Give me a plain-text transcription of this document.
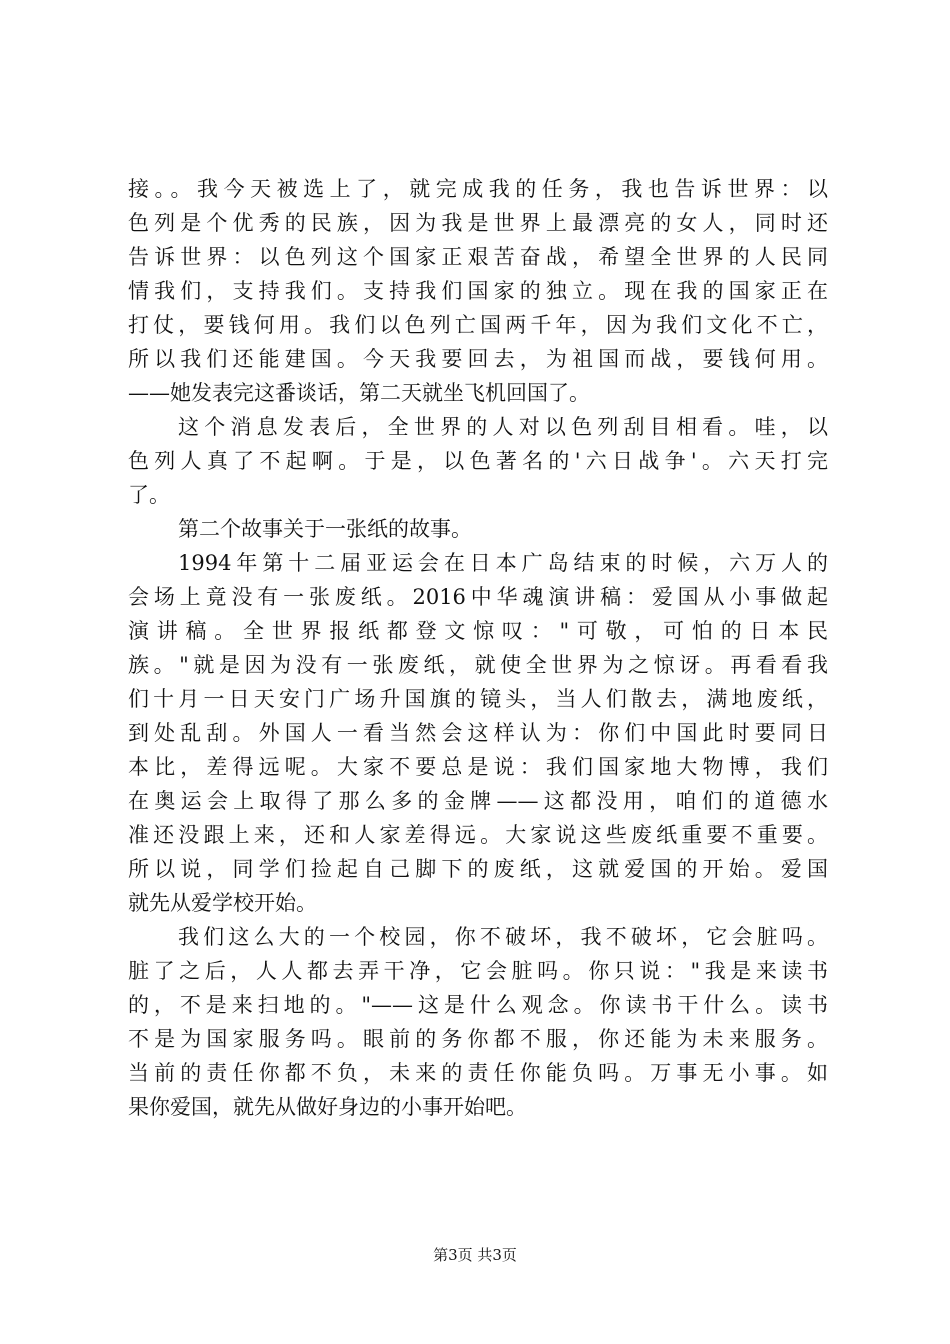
接。。我今天被选上了，就完成我的任务，我也告诉世界：以
色列是个优秀的民族，因为我是世界上最漂亮的女人，同时还
告诉世界：以色列这个国家正艰苦奋战，希望全世界的人民同
情我们，支持我们。支持我们国家的独立。现在我的国家正在
打仗，要钱何用。我们以色列亡国两千年，因为我们文化不亡，
所以我们还能建国。今天我要回去，为祖国而战，要钱何用。
——她发表完这番谈话，第二天就坐飞机回国了。
这个消息发表后，全世界的人对以色列刮目相看。哇，以
色列人真了不起啊。于是，以色著名的'六日战争'。六天打完
了。
第二个故事关于一张纸的故事。
1994年第十二届亚运会在日本广岛结束的时候，六万人的
会场上竟没有一张废纸。2016中华魂演讲稿：爱国从小事做起
演讲稿。全世界报纸都登文惊叹："可敬，可怕的日本民
族。"就是因为没有一张废纸，就使全世界为之惊讶。再看看我
们十月一日天安门广场升国旗的镜头，当人们散去，满地废纸，
到处乱刮。外国人一看当然会这样认为：你们中国此时要同日
本比，差得远呢。大家不要总是说：我们国家地大物博，我们
在奥运会上取得了那么多的金牌——这都没用，咱们的道德水
准还没跟上来，还和人家差得远。大家说这些废纸重要不重要。
所以说，同学们捡起自己脚下的废纸，这就爱国的开始。爱国
就先从爱学校开始。
我们这么大的一个校园，你不破坏，我不破坏，它会脏吗。
脏了之后，人人都去弄干净，它会脏吗。你只说："我是来读书
的，不是来扫地的。"——这是什么观念。你读书干什么。读书
不是为国家服务吗。眼前的务你都不服，你还能为未来服务。
当前的责任你都不负，未来的责任你能负吗。万事无小事。如
果你爱国，就先从做好身边的小事开始吧。
第3页 共3页
